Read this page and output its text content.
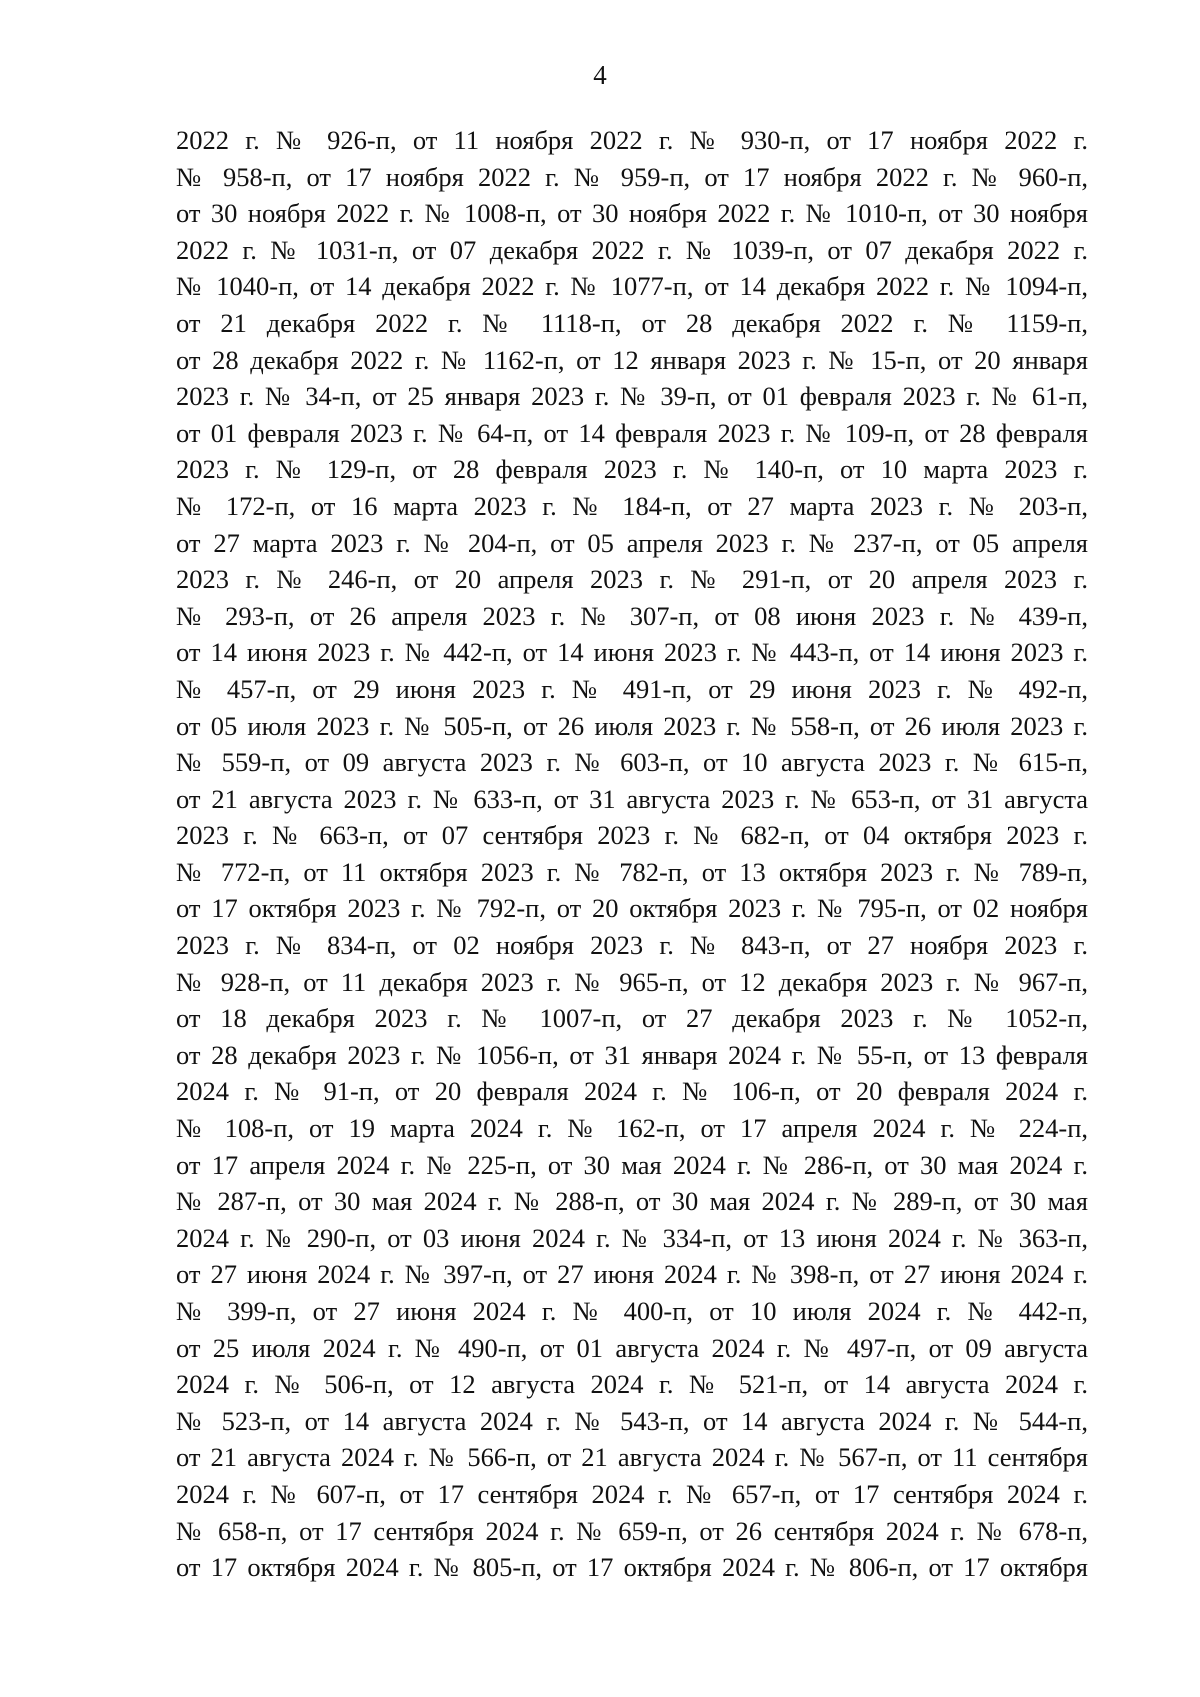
4
2022 г. № 926-п, от 11 ноября 2022 г. № 930-п, от 17 ноября 2022 г.
№ 958-п, от 17 ноября 2022 г. № 959-п, от 17 ноября 2022 г. № 960-п,
от 30 ноября 2022 г. № 1008-п, от 30 ноября 2022 г. № 1010-п, от 30 ноября
2022 г. № 1031-п, от 07 декабря 2022 г. № 1039-п, от 07 декабря 2022 г.
№ 1040-п, от 14 декабря 2022 г. № 1077-п, от 14 декабря 2022 г. № 1094-п,
от 21 декабря 2022 г. № 1118-п, от 28 декабря 2022 г. № 1159-п,
от 28 декабря 2022 г. № 1162-п, от 12 января 2023 г. № 15-п, от 20 января
2023 г. № 34-п, от 25 января 2023 г. № 39-п, от 01 февраля 2023 г. № 61-п,
от 01 февраля 2023 г. № 64-п, от 14 февраля 2023 г. № 109-п, от 28 февраля
2023 г. № 129-п, от 28 февраля 2023 г. № 140-п, от 10 марта 2023 г.
№ 172-п, от 16 марта 2023 г. № 184-п, от 27 марта 2023 г. № 203-п,
от 27 марта 2023 г. № 204-п, от 05 апреля 2023 г. № 237-п, от 05 апреля
2023 г. № 246-п, от 20 апреля 2023 г. № 291-п, от 20 апреля 2023 г.
№ 293-п, от 26 апреля 2023 г. № 307-п, от 08 июня 2023 г. № 439-п,
от 14 июня 2023 г. № 442-п, от 14 июня 2023 г. № 443-п, от 14 июня 2023 г.
№ 457-п, от 29 июня 2023 г. № 491-п, от 29 июня 2023 г. № 492-п,
от 05 июля 2023 г. № 505-п, от 26 июля 2023 г. № 558-п, от 26 июля 2023 г.
№ 559-п, от 09 августа 2023 г. № 603-п, от 10 августа 2023 г. № 615-п,
от 21 августа 2023 г. № 633-п, от 31 августа 2023 г. № 653-п, от 31 августа
2023 г. № 663-п, от 07 сентября 2023 г. № 682-п, от 04 октября 2023 г.
№ 772-п, от 11 октября 2023 г. № 782-п, от 13 октября 2023 г. № 789-п,
от 17 октября 2023 г. № 792-п, от 20 октября 2023 г. № 795-п, от 02 ноября
2023 г. № 834-п, от 02 ноября 2023 г. № 843-п, от 27 ноября 2023 г.
№ 928-п, от 11 декабря 2023 г. № 965-п, от 12 декабря 2023 г. № 967-п,
от 18 декабря 2023 г. № 1007-п, от 27 декабря 2023 г. № 1052-п,
от 28 декабря 2023 г. № 1056-п, от 31 января 2024 г. № 55-п, от 13 февраля
2024 г. № 91-п, от 20 февраля 2024 г. № 106-п, от 20 февраля 2024 г.
№ 108-п, от 19 марта 2024 г. № 162-п, от 17 апреля 2024 г. № 224-п,
от 17 апреля 2024 г. № 225-п, от 30 мая 2024 г. № 286-п, от 30 мая 2024 г.
№ 287-п, от 30 мая 2024 г. № 288-п, от 30 мая 2024 г. № 289-п, от 30 мая
2024 г. № 290-п, от 03 июня 2024 г. № 334-п, от 13 июня 2024 г. № 363-п,
от 27 июня 2024 г. № 397-п, от 27 июня 2024 г. № 398-п, от 27 июня 2024 г.
№ 399-п, от 27 июня 2024 г. № 400-п, от 10 июля 2024 г. № 442-п,
от 25 июля 2024 г. № 490-п, от 01 августа 2024 г. № 497-п, от 09 августа
2024 г. № 506-п, от 12 августа 2024 г. № 521-п, от 14 августа 2024 г.
№ 523-п, от 14 августа 2024 г. № 543-п, от 14 августа 2024 г. № 544-п,
от 21 августа 2024 г. № 566-п, от 21 августа 2024 г. № 567-п, от 11 сентября
2024 г. № 607-п, от 17 сентября 2024 г. № 657-п, от 17 сентября 2024 г.
№ 658-п, от 17 сентября 2024 г. № 659-п, от 26 сентября 2024 г. № 678-п,
от 17 октября 2024 г. № 805-п, от 17 октября 2024 г. № 806-п, от 17 октября
